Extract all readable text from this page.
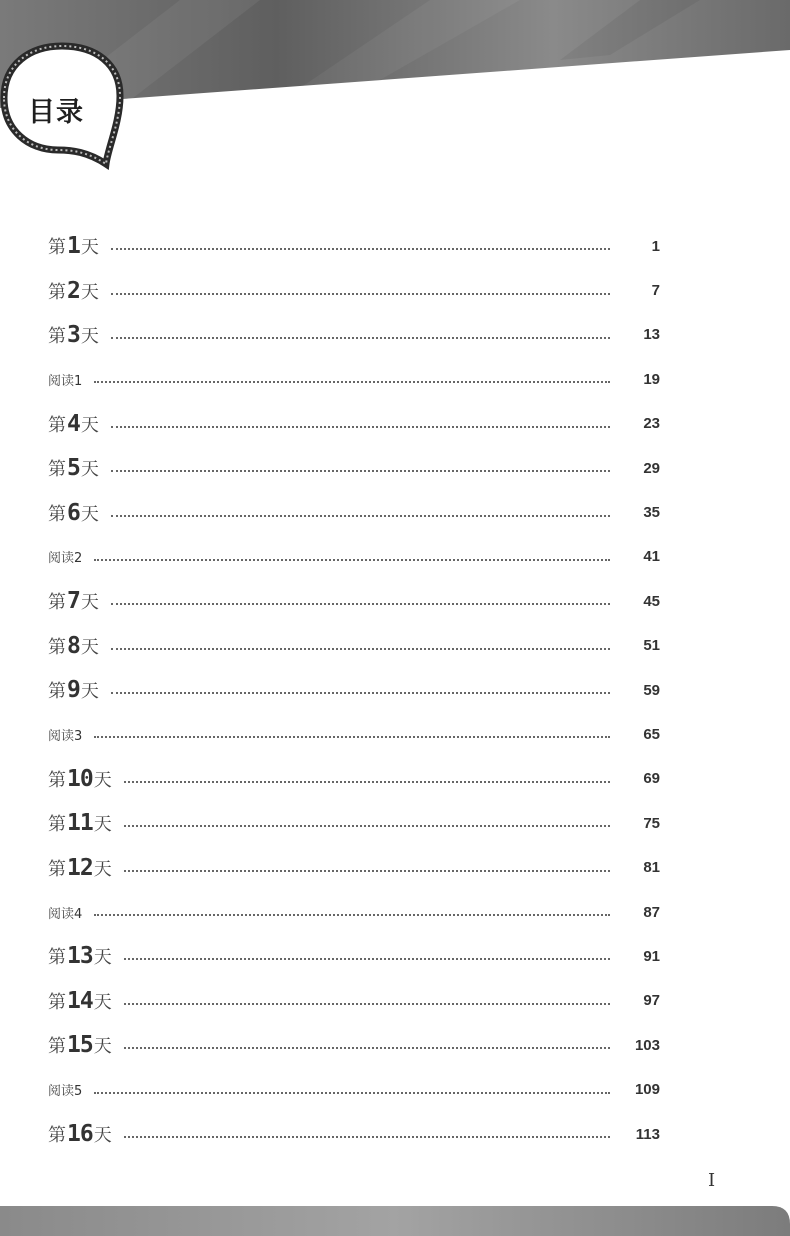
目录
第 1 天	1
第 2 天	7
第 3 天	13
阅读 1	19
第 4 天	23
第 5 天	29
第 6 天	35
阅读 2	41
第 7 天	45
第 8 天	51
第 9 天	59
阅读 3	65
第 10 天	69
第 11 天	75
第 12 天	81
阅读 4	87
第 13 天	91
第 14 天	97
第 15 天	103
阅读 5	109
第 16 天	113
I
